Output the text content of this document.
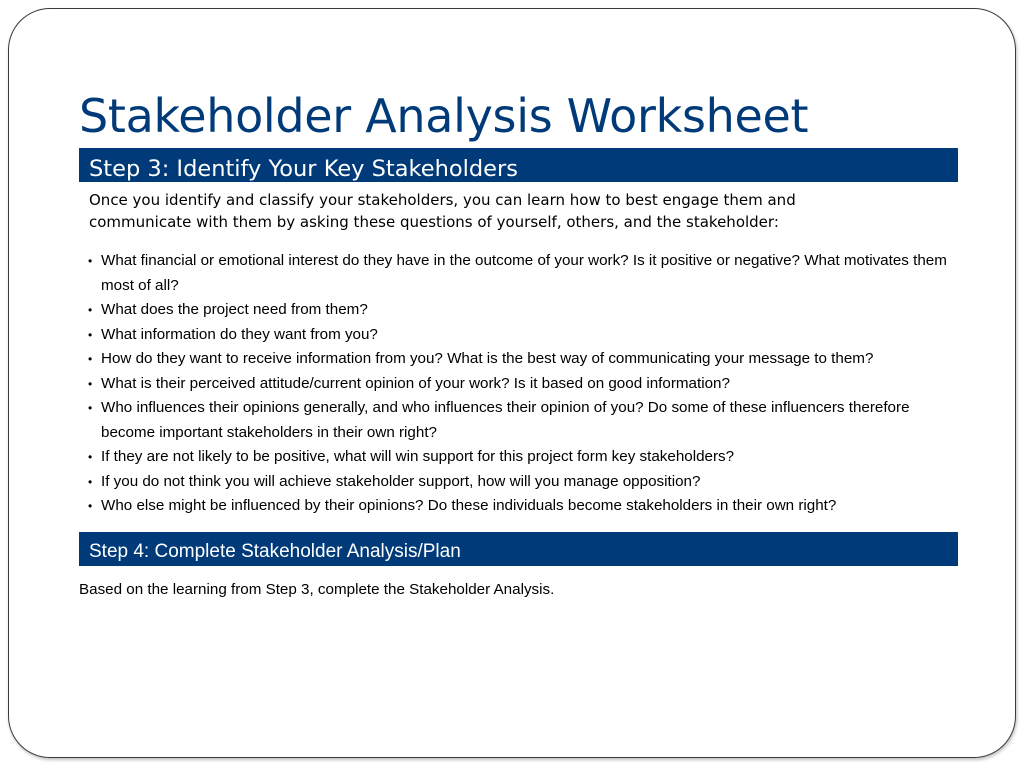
Stakeholder Analysis Worksheet
Step 3: Identify Your Key Stakeholders

Once you identify and classify your stakeholders, you can learn how to best engage them and communicate with them by asking these questions of yourself, others, and the stakeholder:

• What financial or emotional interest do they have in the outcome of your work? Is it positive or negative? What motivates them most of all?
• What does the project need from them?
• What information do they want from you?
• How do they want to receive information from you? What is the best way of communicating your message to them?
• What is their perceived attitude/current opinion of your work? Is it based on good information?
• Who influences their opinions generally, and who influences their opinion of you? Do some of these influencers therefore become important stakeholders in their own right?
• If they are not likely to be positive, what will win support for this project form key stakeholders?
• If you do not think you will achieve stakeholder support, how will you manage opposition?
• Who else might be influenced by their opinions? Do these individuals become stakeholders in their own right?
Step 4: Complete Stakeholder Analysis/Plan

Based on the learning from Step 3, complete the Stakeholder Analysis.
